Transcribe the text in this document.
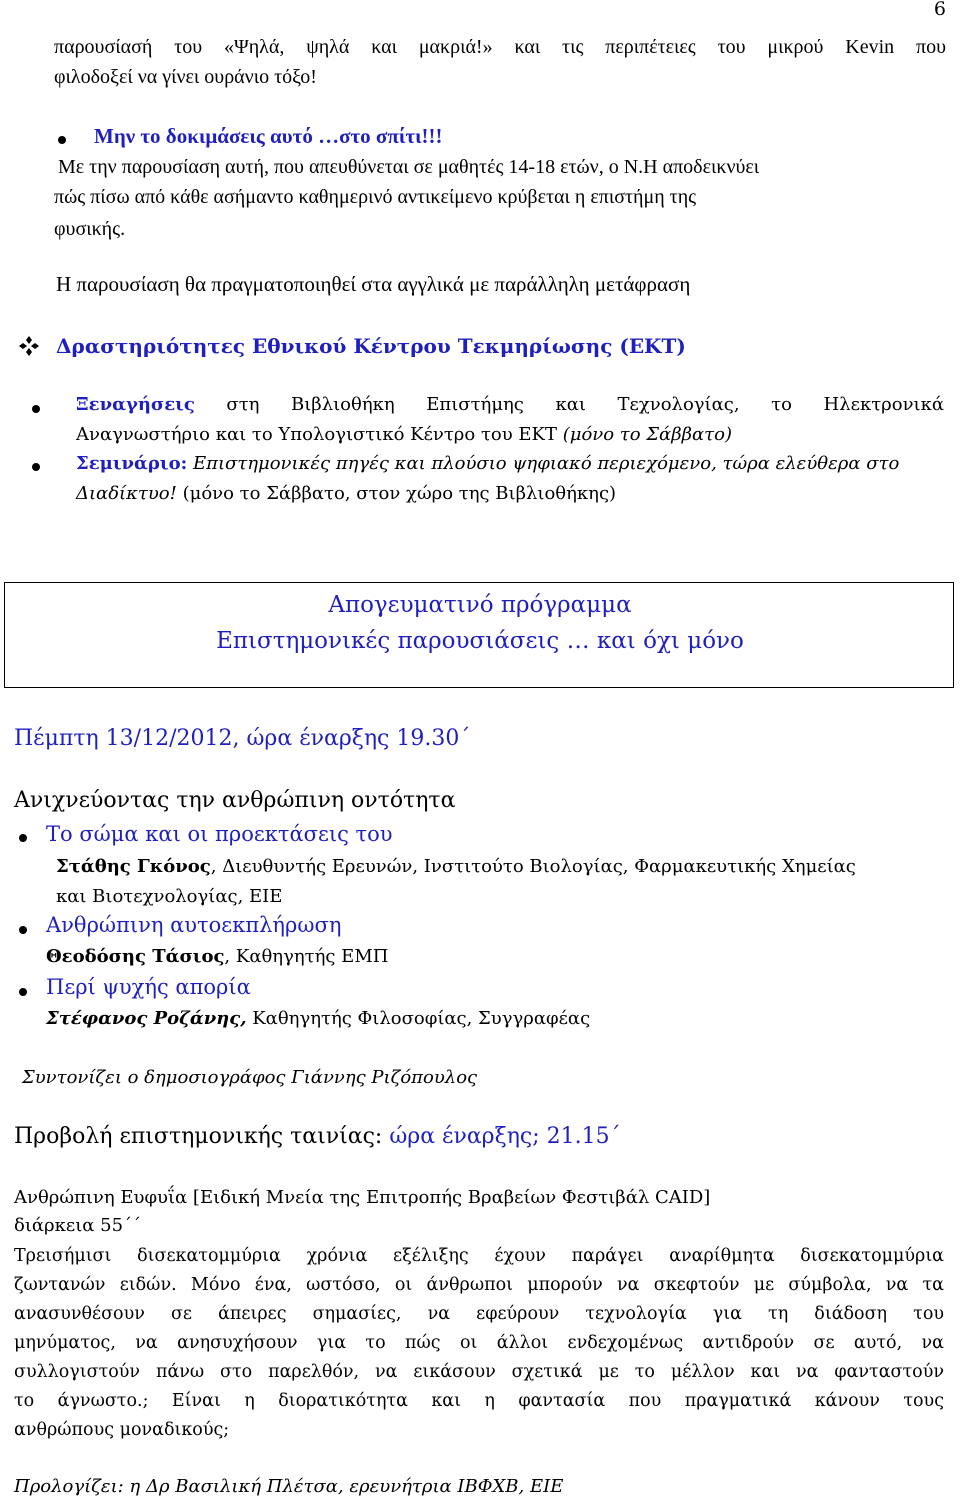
6
παρουσίασή του «Ψηλά, ψηλά και μακριά!» και τις περιπέτειες του μικρού Kevin που
φιλοδοξεί να γίνει ουράνιο τόξο!
Μην το δοκιμάσεις αυτό …στο σπίτι!!!
Με την παρουσίαση αυτή, που απευθύνεται σε μαθητές 14-18 ετών, ο Ν.Η αποδεικνύει
πώς πίσω από κάθε ασήμαντο καθημερινό αντικείμενο κρύβεται η επιστήμη της
φυσικής.
Η παρουσίαση θα πραγματοποιηθεί στα αγγλικά με παράλληλη μετάφραση
Δραστηριότητες Εθνικού Κέντρου Τεκμηρίωσης (ΕΚΤ)
Ξεναγήσεις στη Βιβλιοθήκη Επιστήμης και Τεχνολογίας, το Ηλεκτρονικά
Αναγνωστήριο και το Υπολογιστικό Κέντρο του ΕΚΤ (μόνο το Σάββατο)
Σεμινάριο: Επιστημονικές πηγές και πλούσιο ψηφιακό περιεχόμενο, τώρα ελεύθερα στο
Διαδίκτυο! (μόνο το Σάββατο, στον χώρο της Βιβλιοθήκης)
Απογευματινό πρόγραμμα
Επιστημονικές παρουσιάσεις … και όχι μόνο
Πέμπτη 13/12/2012, ώρα έναρξης 19.30΄
Ανιχνεύοντας την ανθρώπινη οντότητα
Το σώμα και οι προεκτάσεις του
Στάθης Γκόνος, Διευθυντής Ερευνών, Ινστιτούτο Βιολογίας, Φαρμακευτικής Χημείας
και Βιοτεχνολογίας, ΕΙΕ
Ανθρώπινη αυτοεκπλήρωση
Θεοδόσης Τάσιος, Καθηγητής ΕΜΠ
Περί ψυχής απορία
Στέφανος Ροζάνης, Καθηγητής Φιλοσοφίας, Συγγραφέας
Συντονίζει ο δημοσιογράφος Γιάννης Ριζόπουλος
Προβολή επιστημονικής ταινίας: ώρα έναρξης; 21.15΄
Ανθρώπινη Ευφυΐα [Ειδική Μνεία της Επιτροπής Βραβείων Φεστιβάλ CAID]
διάρκεια 55΄΄
Τρεισήμισι δισεκατομμύρια χρόνια εξέλιξης έχουν παράγει αναρίθμητα δισεκατομμύρια
ζωντανών ειδών. Μόνο ένα, ωστόσο, οι άνθρωποι μπορούν να σκεφτούν με σύμβολα, να τα
ανασυνθέσουν σε άπειρες σημασίες, να εφεύρουν τεχνολογία για τη διάδοση του
μηνύματος, να ανησυχήσουν για το πώς οι άλλοι ενδεχομένως αντιδρούν σε αυτό, να
συλλογιστούν πάνω στο παρελθόν, να εικάσουν σχετικά με το μέλλον και να φανταστούν
το άγνωστο.; Είναι η διορατικότητα και η φαντασία που πραγματικά κάνουν τους
ανθρώπους μοναδικούς;
Προλογίζει: η Δρ Βασιλική Πλέτσα, ερευνήτρια ΙΒΦΧΒ, ΕΙΕ
